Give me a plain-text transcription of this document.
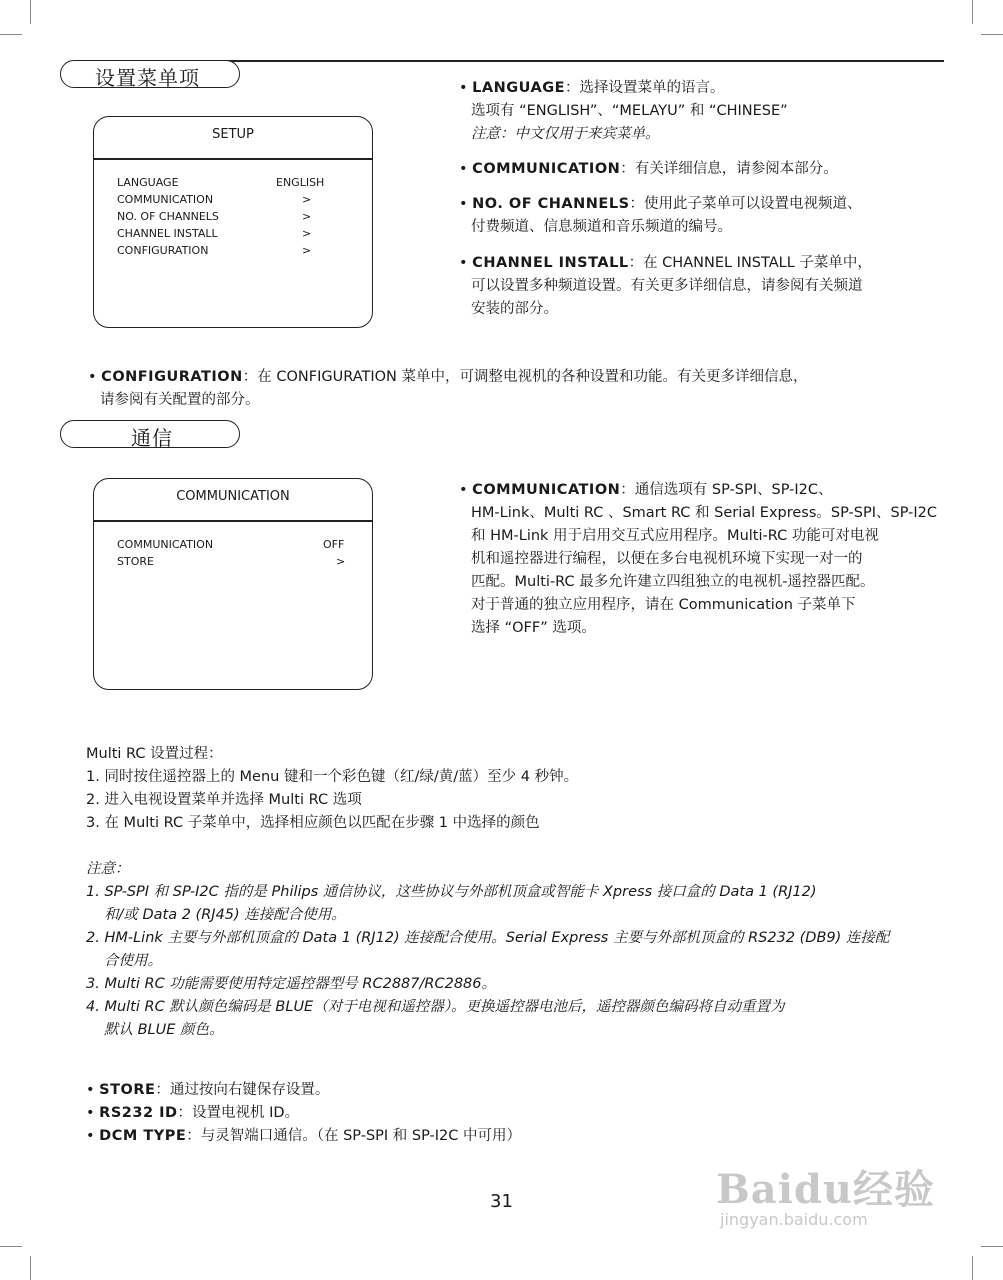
设置菜单项
SETUP
LANGUAGE	ENGLISH
COMMUNICATION	>
NO. OF CHANNELS	>
CHANNEL INSTALL	>
CONFIGURATION	>
• LANGUAGE：选择设置菜单的语言。
选项有 “ENGLISH”、“MELAYU” 和 “CHINESE”
注意：中文仅用于来宾菜单。
• COMMUNICATION：有关详细信息，请参阅本部分。
• NO. OF CHANNELS：使用此子菜单可以设置电视频道、
付费频道、信息频道和音乐频道的编号。
• CHANNEL INSTALL：在 CHANNEL INSTALL 子菜单中，
可以设置多种频道设置。有关更多详细信息，请参阅有关频道
安装的部分。
• CONFIGURATION：在 CONFIGURATION 菜单中，可调整电视机的各种设置和功能。有关更多详细信息，
请参阅有关配置的部分。
通信
COMMUNICATION
COMMUNICATION	OFF
STORE	>
• COMMUNICATION：通信选项有 SP-SPI、SP-I2C、
HM-Link、Multi RC 、Smart RC 和 Serial Express。SP-SPI、SP-I2C
和 HM-Link 用于启用交互式应用程序。Multi-RC 功能可对电视
机和遥控器进行编程，以便在多台电视机环境下实现一对一的
匹配。Multi-RC 最多允许建立四组独立的电视机-遥控器匹配。
对于普通的独立应用程序，请在 Communication 子菜单下
选择 “OFF” 选项。
Multi RC 设置过程：
1. 同时按住遥控器上的 Menu 键和一个彩色键（红/绿/黄/蓝）至少 4 秒钟。
2. 进入电视设置菜单并选择 Multi RC 选项
3. 在 Multi RC 子菜单中，选择相应颜色以匹配在步骤 1 中选择的颜色
注意：
1. SP-SPI 和 SP-I2C 指的是 Philips 通信协议，这些协议与外部机顶盒或智能卡 Xpress 接口盒的 Data 1 (RJ12)
和/或 Data 2 (RJ45) 连接配合使用。
2. HM-Link 主要与外部机顶盒的 Data 1 (RJ12) 连接配合使用。Serial Express 主要与外部机顶盒的 RS232 (DB9) 连接配
合使用。
3. Multi RC 功能需要使用特定遥控器型号 RC2887/RC2886。
4. Multi RC 默认颜色编码是 BLUE（对于电视和遥控器）。更换遥控器电池后，遥控器颜色编码将自动重置为
默认 BLUE 颜色。
• STORE：通过按向右键保存设置。
• RS232 ID：设置电视机 ID。
• DCM TYPE：与灵智端口通信。（在 SP-SPI 和 SP-I2C 中可用）
31	Baidu经验
jingyan.baidu.com
